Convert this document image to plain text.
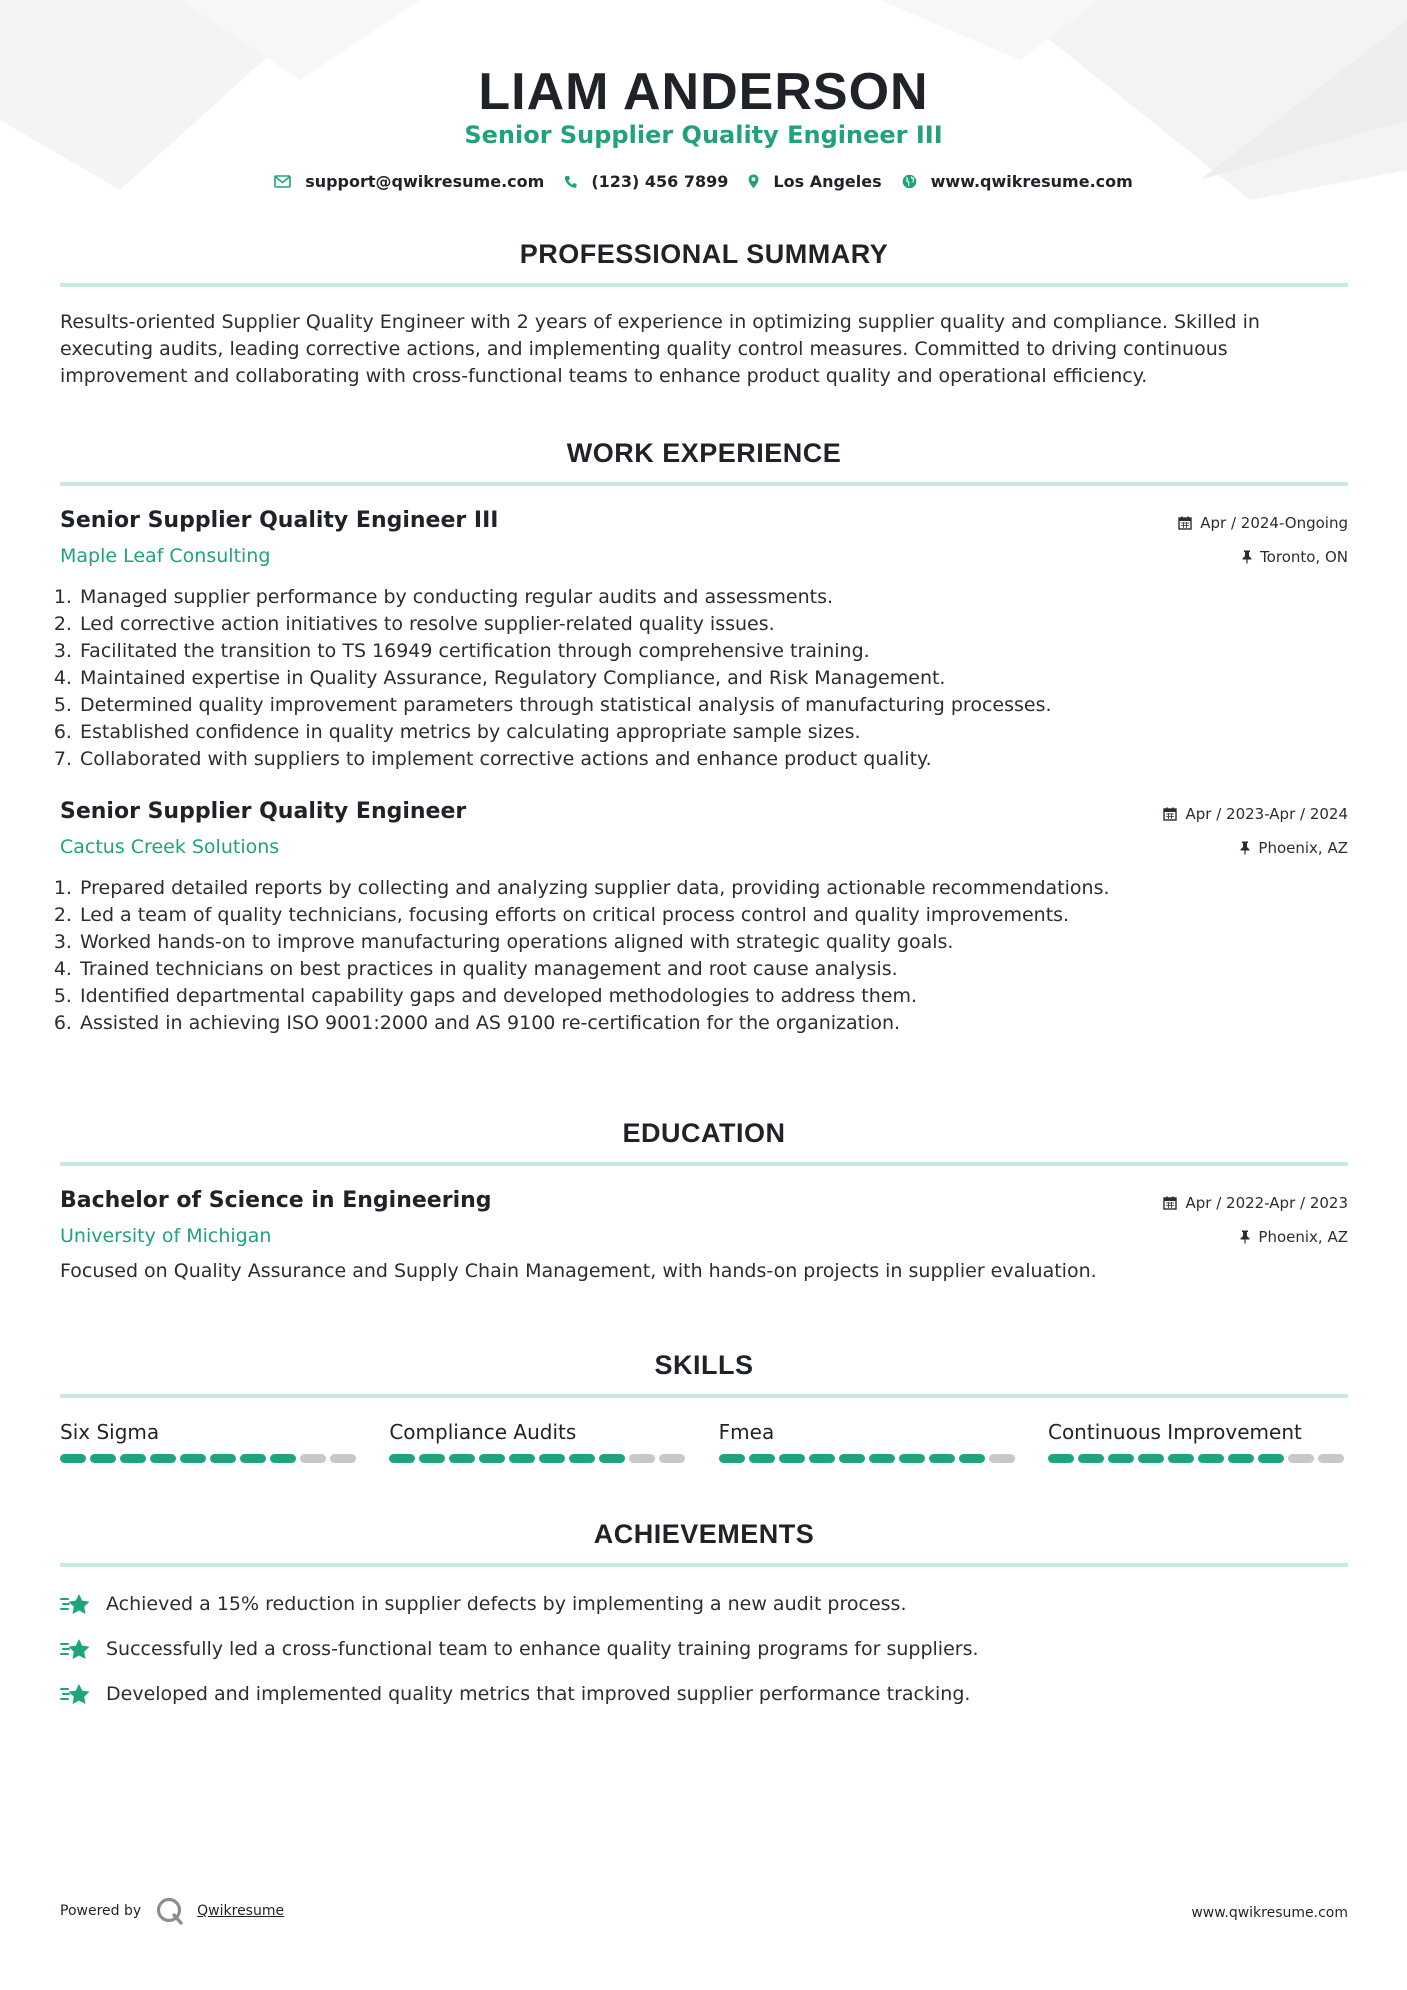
LIAM ANDERSON
Senior Supplier Quality Engineer III
support@qwikresume.com	(123) 456 7899	Los Angeles	www.qwikresume.com
PROFESSIONAL SUMMARY

Results-oriented Supplier Quality Engineer with 2 years of experience in optimizing supplier quality and compliance. Skilled in executing audits, leading corrective actions, and implementing quality control measures. Committed to driving continuous improvement and collaborating with cross-functional teams to enhance product quality and operational efficiency.

WORK EXPERIENCE
Senior Supplier Quality Engineer III
Maple Leaf Consulting
Apr / 2024-Ongoing
Toronto, ON
1. Managed supplier performance by conducting regular audits and assessments.
2. Led corrective action initiatives to resolve supplier-related quality issues.
3. Facilitated the transition to TS 16949 certification through comprehensive training.
4. Maintained expertise in Quality Assurance, Regulatory Compliance, and Risk Management.
5. Determined quality improvement parameters through statistical analysis of manufacturing processes.
6. Established confidence in quality metrics by calculating appropriate sample sizes.
7. Collaborated with suppliers to implement corrective actions and enhance product quality.
Senior Supplier Quality Engineer
Cactus Creek Solutions
Apr / 2023-Apr / 2024
Phoenix, AZ
1. Prepared detailed reports by collecting and analyzing supplier data, providing actionable recommendations.
2. Led a team of quality technicians, focusing efforts on critical process control and quality improvements.
3. Worked hands-on to improve manufacturing operations aligned with strategic quality goals.
4. Trained technicians on best practices in quality management and root cause analysis.
5. Identified departmental capability gaps and developed methodologies to address them.
6. Assisted in achieving ISO 9001:2000 and AS 9100 re-certification for the organization.
EDUCATION
Bachelor of Science in Engineering
University of Michigan
Apr / 2022-Apr / 2023
Phoenix, AZ
Focused on Quality Assurance and Supply Chain Management, with hands-on projects in supplier evaluation.
SKILLS
Six Sigma	Compliance Audits	Fmea	Continuous Improvement
ACHIEVEMENTS
Achieved a 15% reduction in supplier defects by implementing a new audit process.
Successfully led a cross-functional team to enhance quality training programs for suppliers.
Developed and implemented quality metrics that improved supplier performance tracking.
Powered by	Qwikresume	www.qwikresume.com
